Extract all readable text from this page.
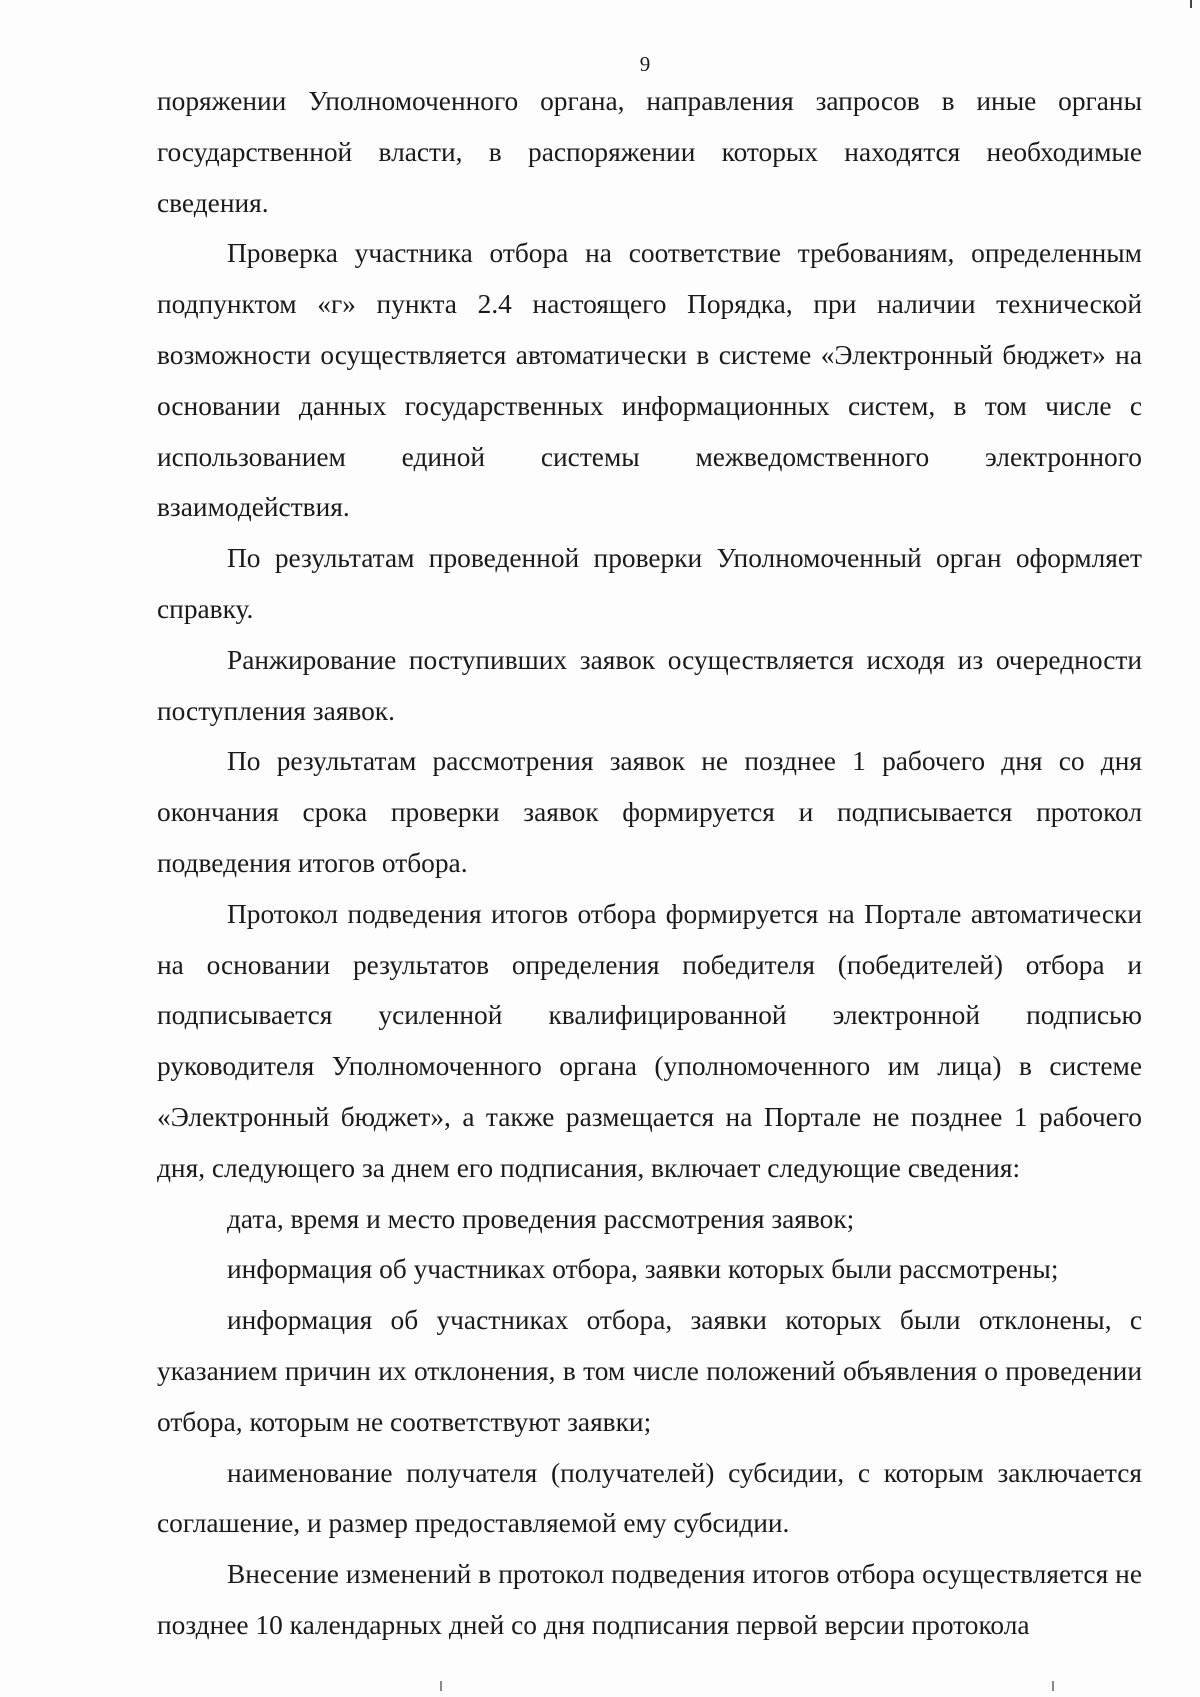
9

поряжении Уполномоченного органа, направления запросов в иные органы государственной власти, в распоряжении которых находятся необходимые сведения.

Проверка участника отбора на соответствие требованиям, определенным подпунктом «г» пункта 2.4 настоящего Порядка, при наличии технической возможности осуществляется автоматически в системе «Электронный бюджет» на основании данных государственных информационных систем, в том числе с использованием единой системы межведомственного электронного взаимодействия.

По результатам проведенной проверки Уполномоченный орган оформляет справку.

Ранжирование поступивших заявок осуществляется исходя из очередности поступления заявок.

По результатам рассмотрения заявок не позднее 1 рабочего дня со дня окончания срока проверки заявок формируется и подписывается протокол подведения итогов отбора.

Протокол подведения итогов отбора формируется на Портале автоматически на основании результатов определения победителя (победителей) отбора и подписывается усиленной квалифицированной электронной подписью руководителя Уполномоченного органа (уполномоченного им лица) в системе «Электронный бюджет», а также размещается на Портале не позднее 1 рабочего дня, следующего за днем его подписания, включает следующие сведения:

дата, время и место проведения рассмотрения заявок;

информация об участниках отбора, заявки которых были рассмотрены;

информация об участниках отбора, заявки которых были отклонены, с указанием причин их отклонения, в том числе положений объявления о проведении отбора, которым не соответствуют заявки;

наименование получателя (получателей) субсидии, с которым заключается соглашение, и размер предоставляемой ему субсидии.

Внесение изменений в протокол подведения итогов отбора осуществляется не позднее 10 календарных дней со дня подписания первой версии протокола
